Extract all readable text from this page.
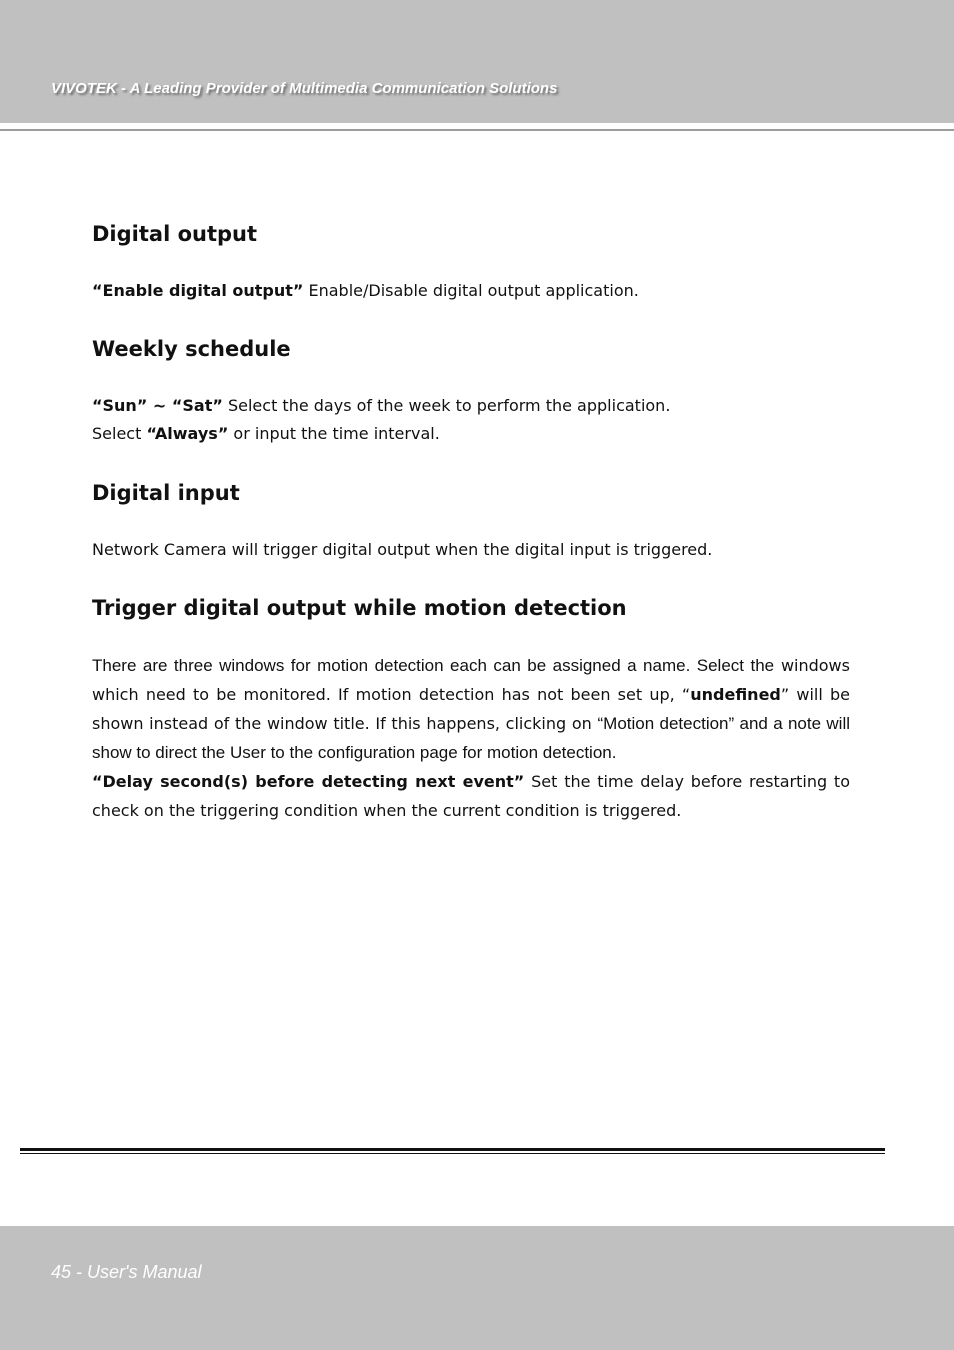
VIVOTEK - A Leading Provider of Multimedia Communication Solutions
Digital output

“Enable digital output” Enable/Disable digital output application.

Weekly schedule

“Sun” ~ “Sat” Select the days of the week to perform the application.

Select “Always” or input the time interval.

Digital input

Network Camera will trigger digital output when the digital input is triggered.

Trigger digital output while motion detection

There are three windows for motion detection each can be assigned a name. Select the windows which need to be monitored. If motion detection has not been set up, “undefined” will be shown instead of the window title. If this happens, clicking on “Motion detection” and a note will show to direct the User to the configuration page for motion detection.

“Delay second(s) before detecting next event” Set the time delay before restarting to check on the triggering condition when the current condition is triggered.

45 - User's Manual
